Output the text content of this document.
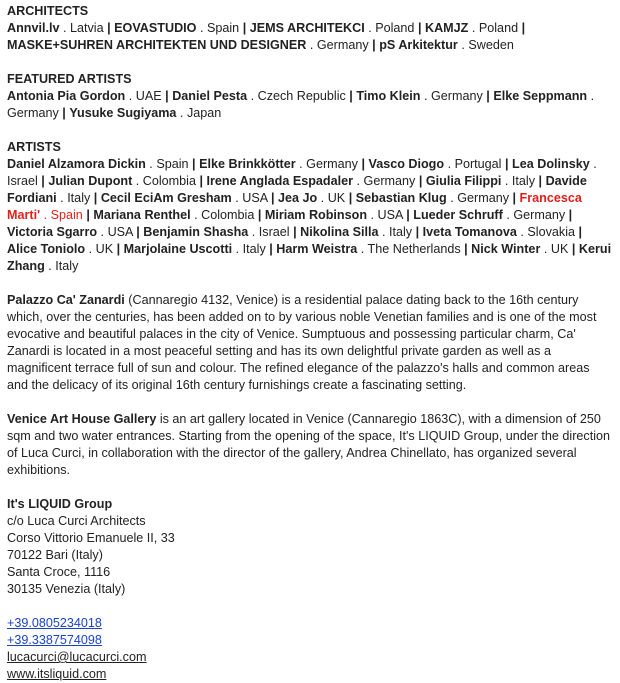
ARCHITECTS
Annvil.lv . Latvia | EOVASTUDIO . Spain | JEMS ARCHITEKCI . Poland | KAMJZ . Poland | MASKE+SUHREN ARCHITEKTEN UND DESIGNER . Germany | pS Arkitektur . Sweden
FEATURED ARTISTS
Antonia Pia Gordon . UAE | Daniel Pesta . Czech Republic | Timo Klein . Germany | Elke Seppmann . Germany | Yusuke Sugiyama . Japan
ARTISTS
Daniel Alzamora Dickin . Spain | Elke Brinkkötter . Germany | Vasco Diogo . Portugal | Lea Dolinsky . Israel | Julian Dupont . Colombia | Irene Anglada Espadaler . Germany | Giulia Filippi . Italy | Davide Fordiani . Italy | Cecil EciAm Gresham . USA | Jea Jo . UK | Sebastian Klug . Germany | Francesca Marti' . Spain | Mariana Renthel . Colombia | Miriam Robinson . USA | Lueder Schruff . Germany | Victoria Sgarro . USA | Benjamin Shasha . Israel | Nikolina Silla . Italy | Iveta Tomanova . Slovakia | Alice Toniolo . UK | Marjolaine Uscotti . Italy | Harm Weistra . The Netherlands | Nick Winter . UK | Kerui Zhang . Italy

Palazzo Ca' Zanardi (Cannaregio 4132, Venice) is a residential palace dating back to the 16th century which, over the centuries, has been added on to by various noble Venetian families and is one of the most evocative and beautiful palaces in the city of Venice. Sumptuous and possessing particular charm, Ca' Zanardi is located in a most peaceful setting and has its own delightful private garden as well as a magnificent terrace full of sun and colour. The refined elegance of the palazzo's halls and common areas and the delicacy of its original 16th century furnishings create a fascinating setting.

Venice Art House Gallery is an art gallery located in Venice (Cannaregio 1863C), with a dimension of 250 sqm and two water entrances. Starting from the opening of the space, It's LIQUID Group, under the direction of Luca Curci, in collaboration with the director of the gallery, Andrea Chinellato, has organized several exhibitions.

It's LIQUID Group
c/o Luca Curci Architects
Corso Vittorio Emanuele II, 33
70122 Bari (Italy)
Santa Croce, 1116
30135 Venezia (Italy)
+39.0805234018
+39.3387574098
lucacurci@lucacurci.com
www.itsliquid.com
